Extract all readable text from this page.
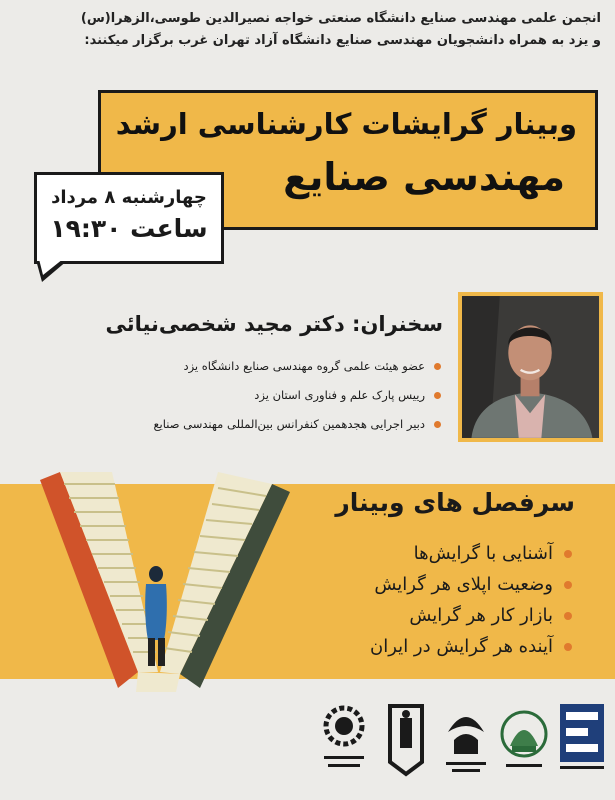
انجمن علمی مهندسی صنایع دانشگاه صنعتی خواجه نصیرالدین طوسی،الزهرا(س)
و یزد به همراه دانشجویان مهندسی صنایع دانشگاه آزاد تهران غرب برگزار میکنند:
وبینار گرایشات کارشناسی ارشد
مهندسی صنایع
چهارشنبه ۸ مرداد
ساعت ۱۹:۳۰
سخنران: دکتر مجید شخصی‌نیائی
عضو هیئت علمی گروه مهندسی صنایع دانشگاه یزد
رییس پارک علم و فناوری استان یزد
دبیر اجرایی هجدهمین کنفرانس بین‌المللی مهندسی صنایع
سرفصل های وبینار
آشنایی با گرایش‌ها
وضعیت اپلای هر گرایش
بازار کار هر گرایش
آینده هر گرایش در ایران
